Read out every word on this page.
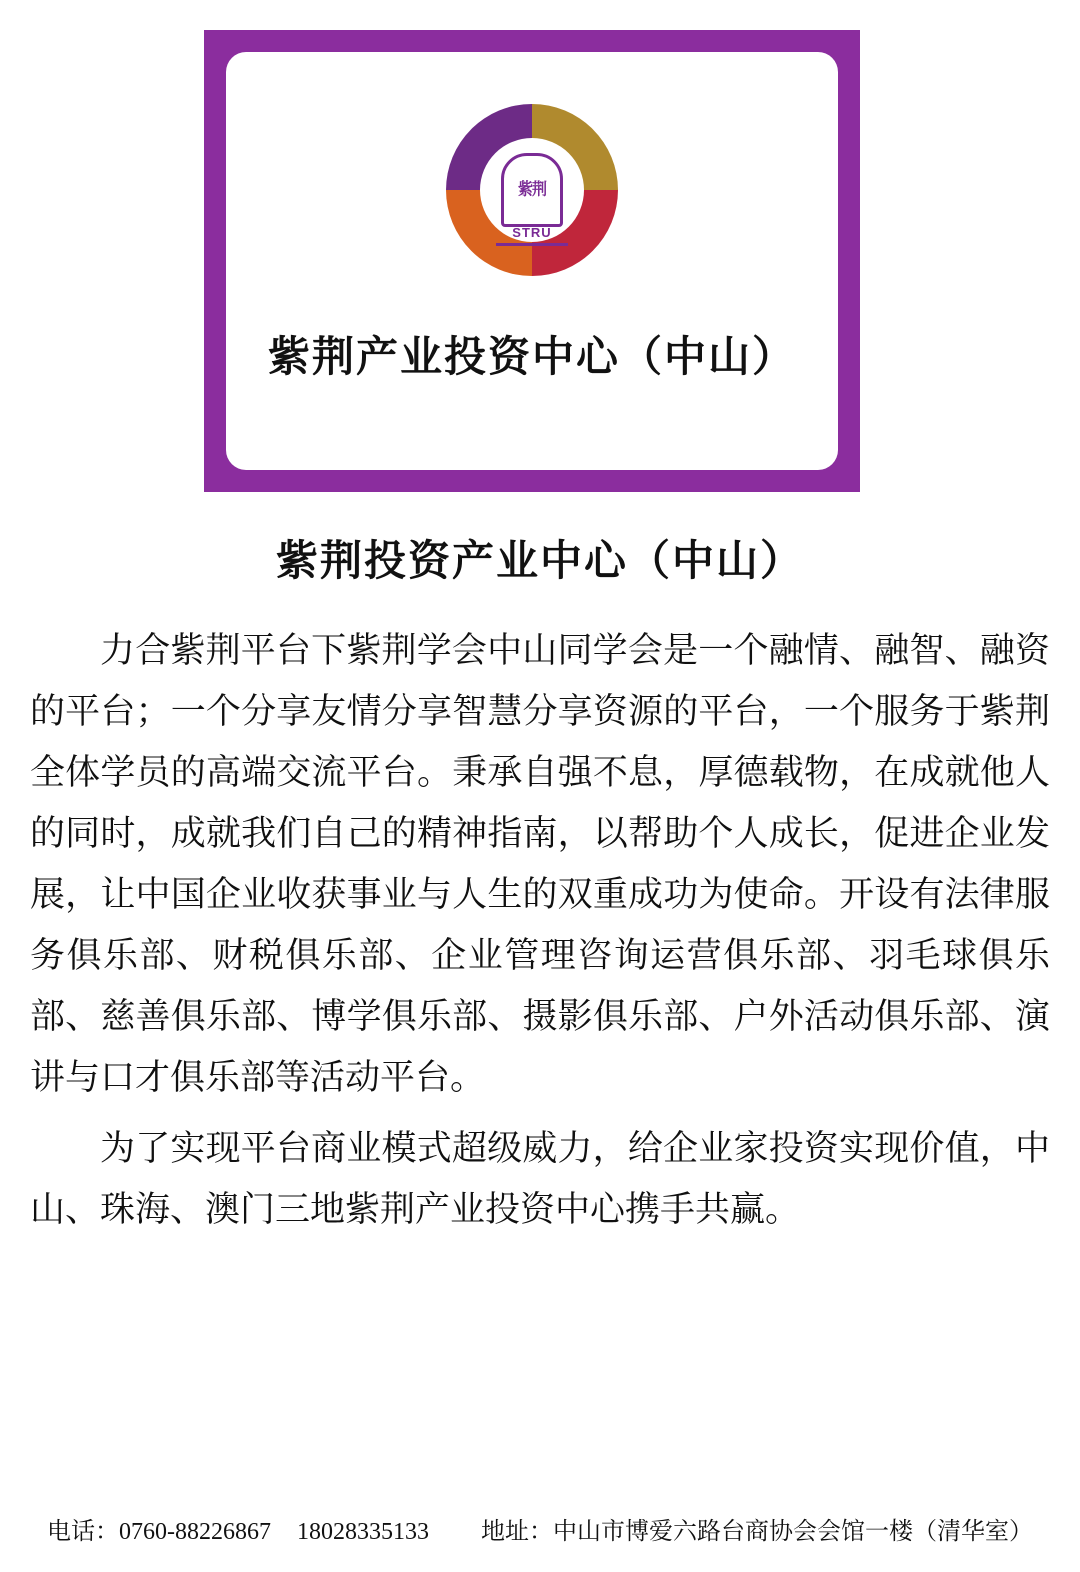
紫荆
STRU
紫荆产业投资中心（中山）
紫荆投资产业中心（中山）

力合紫荆平台下紫荆学会中山同学会是一个融情、融智、融资的平台；一个分享友情分享智慧分享资源的平台，一个服务于紫荆全体学员的高端交流平台。秉承自强不息，厚德载物，在成就他人的同时，成就我们自己的精神指南，以帮助个人成长，促进企业发展，让中国企业收获事业与人生的双重成功为使命。开设有法律服务俱乐部、财税俱乐部、企业管理咨询运营俱乐部、羽毛球俱乐部、慈善俱乐部、博学俱乐部、摄影俱乐部、户外活动俱乐部、演讲与口才俱乐部等活动平台。

为了实现平台商业模式超级威力，给企业家投资实现价值，中山、珠海、澳门三地紫荆产业投资中心携手共赢。

电话：0760-88226867 18028335133 地址：中山市博爱六路台商协会会馆一楼（清华室）
